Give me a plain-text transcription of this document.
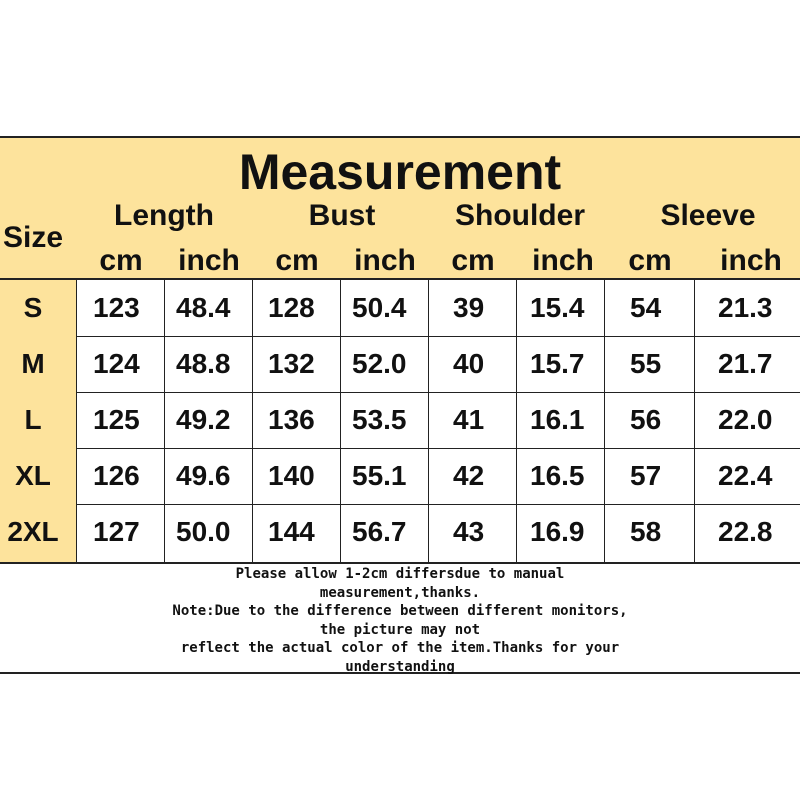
Measurement
Size
Length	Bust	Shoulder	Sleeve
cm inch cm inch cm inch cm inch
S	123 48.4 128 50.4 39 15.4 54 21.3
M	124 48.8 132 52.0 40 15.7 55 21.7
L	125 49.2 136 53.5 41 16.1 56 22.0
XL	126 49.6 140 55.1 42 16.5 57 22.4
2XL 127 50.0 144 56.7 43 16.9 58 22.8
Please allow 1-2cm differsdue to manual
measurement,thanks.
Note:Due to the difference between different monitors,
the picture may not
reflect the actual color of the item.Thanks for your
understanding
